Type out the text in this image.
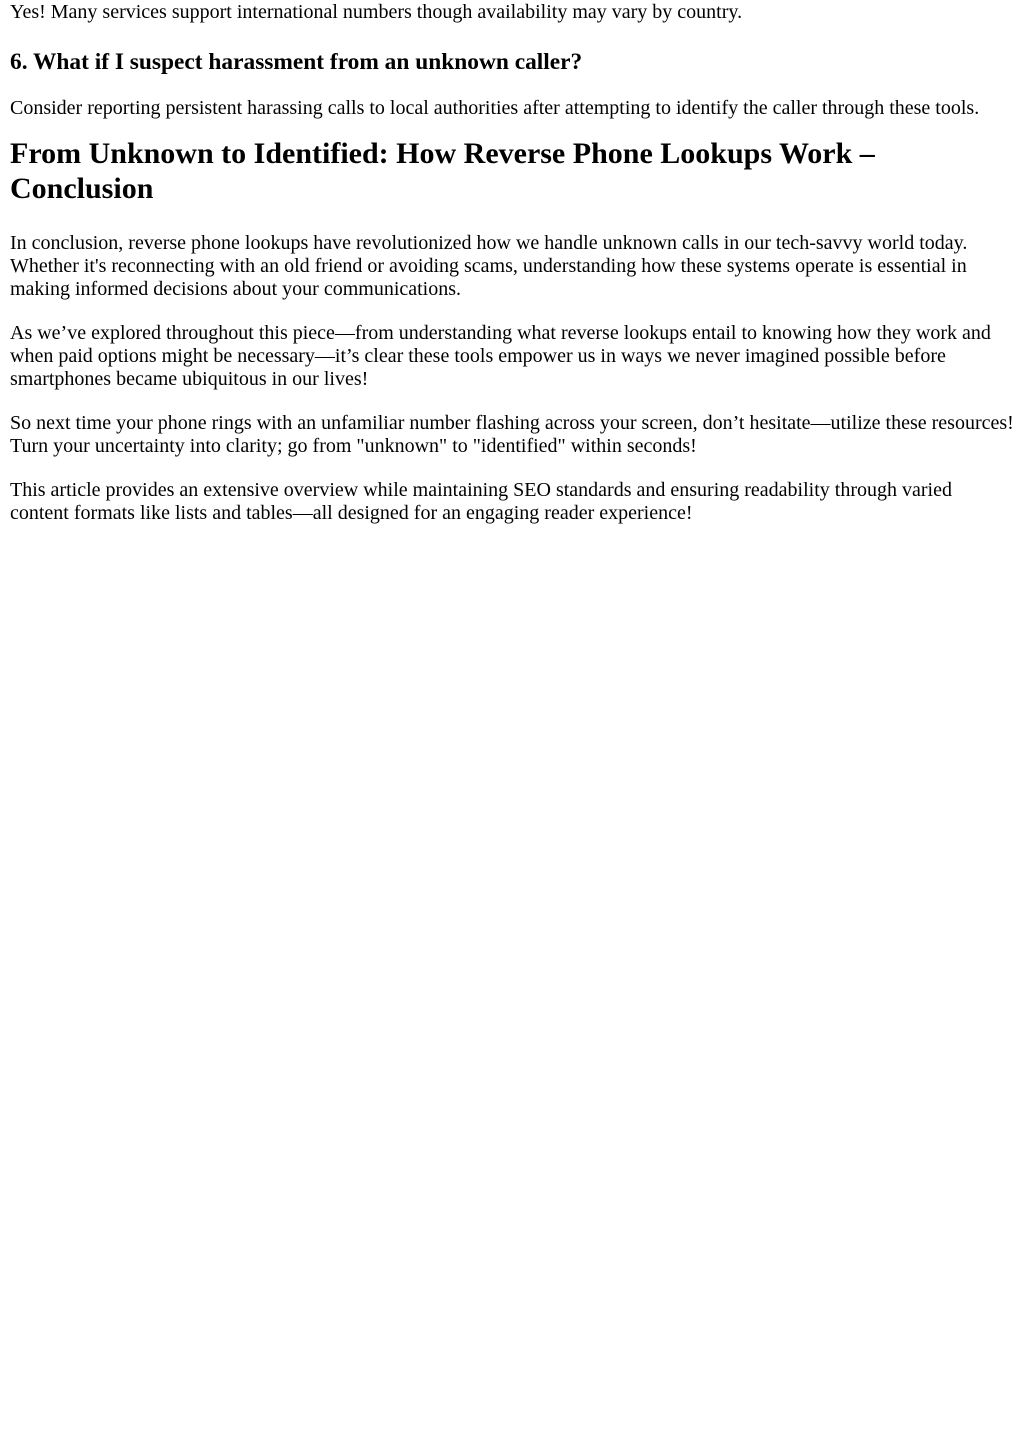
Yes! Many services support international numbers though availability may vary by country.

6. What if I suspect harassment from an unknown caller?

Consider reporting persistent harassing calls to local authorities after attempting to identify the caller through these tools.

From Unknown to Identified: How Reverse Phone Lookups Work – Conclusion

In conclusion, reverse phone lookups have revolutionized how we handle unknown calls in our tech-savvy world today. Whether it's reconnecting with an old friend or avoiding scams, understanding how these systems operate is essential in making informed decisions about your communications.

As we’ve explored throughout this piece—from understanding what reverse lookups entail to knowing how they work and when paid options might be necessary—it’s clear these tools empower us in ways we never imagined possible before smartphones became ubiquitous in our lives!

So next time your phone rings with an unfamiliar number flashing across your screen, don’t hesitate—utilize these resources! Turn your uncertainty into clarity; go from "unknown" to "identified" within seconds!

This article provides an extensive overview while maintaining SEO standards and ensuring readability through varied content formats like lists and tables—all designed for an engaging reader experience!
